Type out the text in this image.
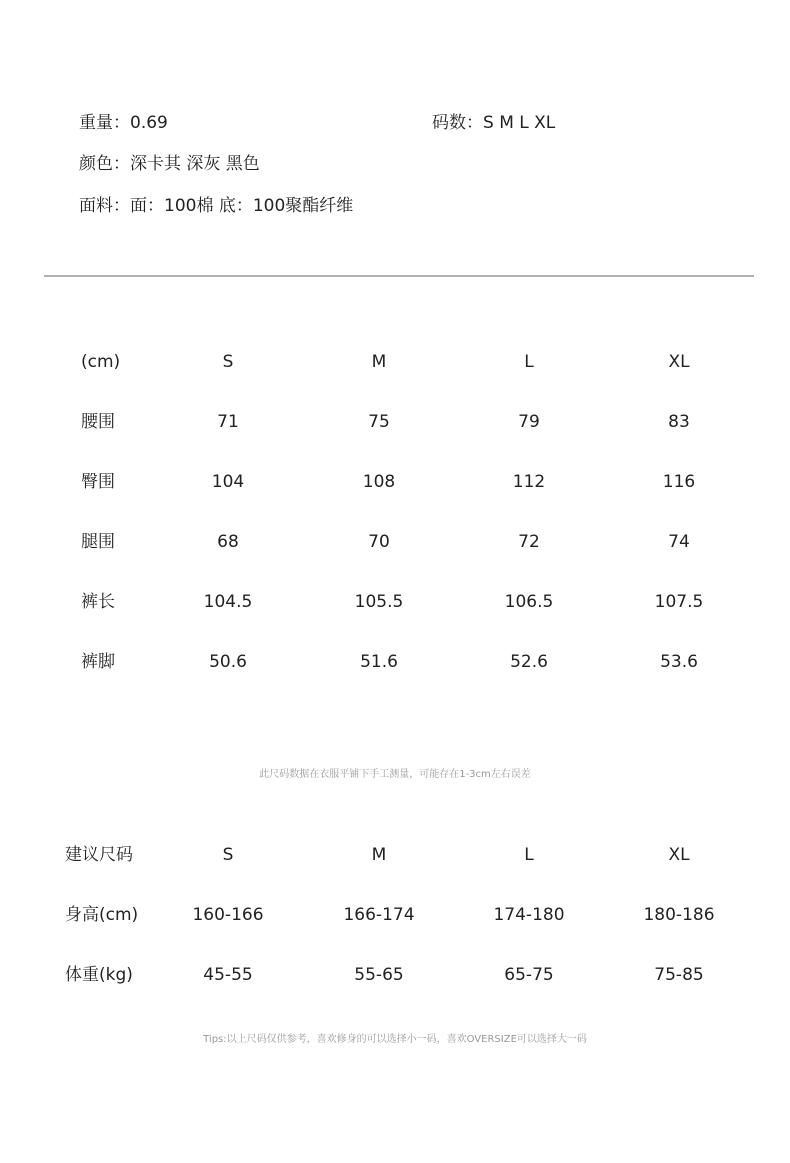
重量：0.69	码数：S M L XL
颜色：深卡其 深灰 黑色
面料：面：100棉 底：100聚酯纤维
(cm)	S	M	L	XL
腰围	71	75	79	83
臀围	104	108	112	116
腿围	68	70	72	74
裤长	104.5	105.5	106.5	107.5
裤脚	50.6	51.6	52.6	53.6
此尺码数据在衣服平铺下手工测量，可能存在1-3cm左右误差
建议尺码	S	M	L	XL
身高(cm)	160-166	166-174	174-180	180-186
体重(kg)	45-55	55-65	65-75	75-85
Tips:以上尺码仅供参考，喜欢修身的可以选择小一码，喜欢OVERSIZE可以选择大一码
